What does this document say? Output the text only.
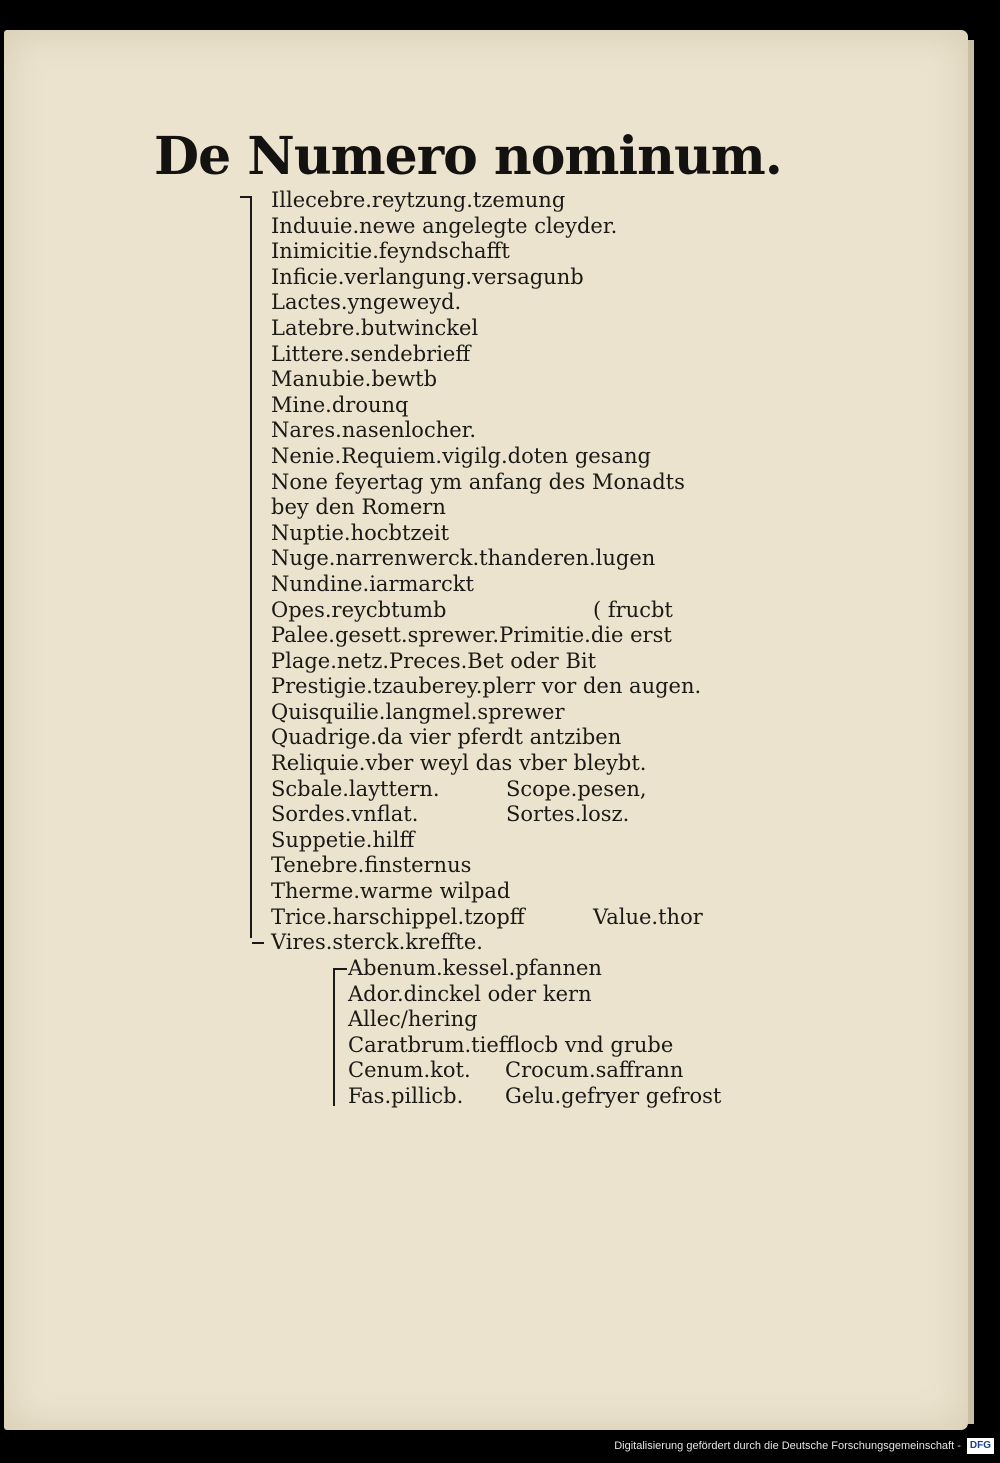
De Numero nominum.
Illecebre.reytzung.tzemung
Induuie.newe angelegte cleyder.
Inimicitie.feyndschafft
Inficie.verlangung.versagunb
Lactes.yngeweyd.
Latebre.butwinckel
Littere.sendebrieff
Manubie.bewtb
Mine.drounq
Nares.nasenlocher.
Nenie.Requiem.vigilg.doten gesang
None feyertag ym anfang des Monadts
bey den Romern
Nuptie.hocbtzeit
Nuge.narrenwerck.thanderen.lugen
Nundine.iarmarckt
Opes.reycbtumb	( frucbt
Palee.gesett.sprewer.Primitie.die erst
Plage.netz.Preces.Bet oder Bit
Prestigie.tzauberey.plerr vor den augen.
Quisquilie.langmel.sprewer
Quadrige.da vier pferdt antziben
Reliquie.vber weyl das vber bleybt.
Scbale.layttern.	Scope.pesen,
Sordes.vnflat.	Sortes.losz.
Suppetie.hilff
Tenebre.finsternus
Therme.warme wilpad
Trice.harschippel.tzopff	Value.thor
Vires.sterck.kreffte.
Abenum.kessel.pfannen
Ador.dinckel oder kern
Allec/hering
Caratbrum.tiefflocb vnd grube
Cenum.kot. Crocum.saffrann
Fas.pillicb. Gelu.gefryer gefrost
Digitalisierung gefördert durch die Deutsche Forschungsgemeinschaft - DFG
